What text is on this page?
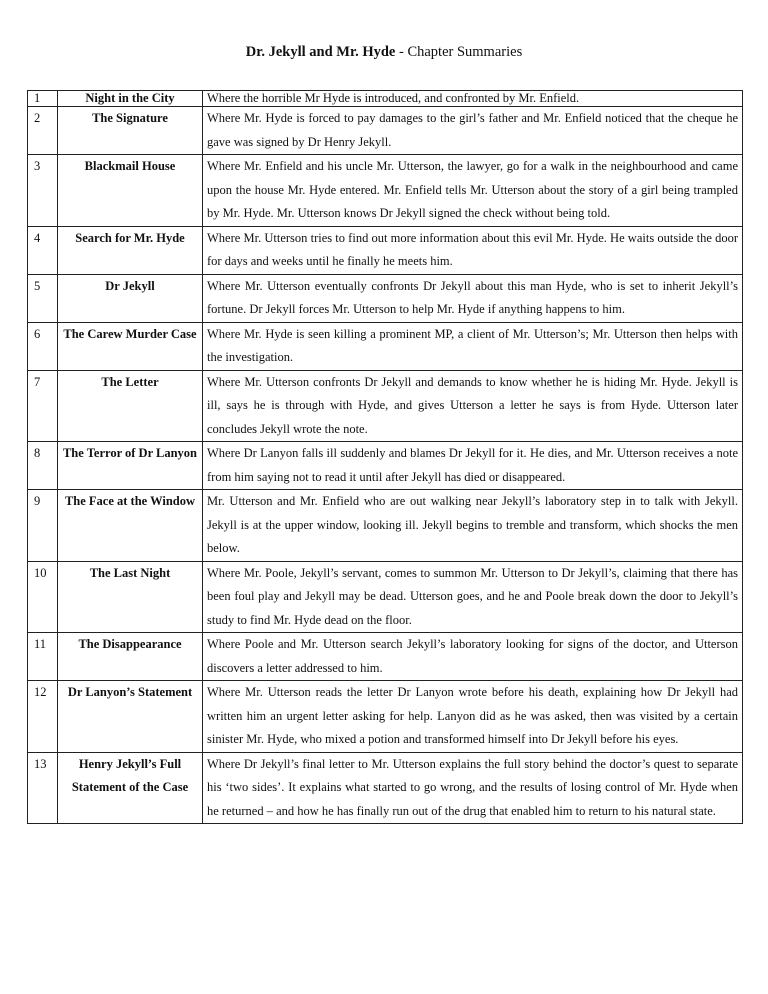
Dr. Jekyll and Mr. Hyde - Chapter Summaries
1	Night in the City	Where the horrible Mr Hyde is introduced, and confronted by Mr. Enfield.
2	The Signature	Where Mr. Hyde is forced to pay damages to the girl’s father and Mr. Enfield noticed that the cheque he gave was signed by Dr Henry Jekyll.
3	Blackmail House	Where Mr. Enfield and his uncle Mr. Utterson, the lawyer, go for a walk in the neighbourhood and came upon the house Mr. Hyde entered. Mr. Enfield tells Mr. Utterson about the story of a girl being trampled by Mr. Hyde. Mr. Utterson knows Dr Jekyll signed the check without being told.
4	Search for Mr. Hyde	Where Mr. Utterson tries to find out more information about this evil Mr. Hyde. He waits outside the door for days and weeks until he finally he meets him.
5	Dr Jekyll	Where Mr. Utterson eventually confronts Dr Jekyll about this man Hyde, who is set to inherit Jekyll’s fortune. Dr Jekyll forces Mr. Utterson to help Mr. Hyde if anything happens to him.
6	The Carew Murder Case	Where Mr. Hyde is seen killing a prominent MP, a client of Mr. Utterson’s; Mr. Utterson then helps with the investigation.
7	The Letter	Where Mr. Utterson confronts Dr Jekyll and demands to know whether he is hiding Mr. Hyde. Jekyll is ill, says he is through with Hyde, and gives Utterson a letter he says is from Hyde. Utterson later concludes Jekyll wrote the note.
8	The Terror of Dr Lanyon	Where Dr Lanyon falls ill suddenly and blames Dr Jekyll for it. He dies, and Mr. Utterson receives a note from him saying not to read it until after Jekyll has died or disappeared.
9	The Face at the Window	Mr. Utterson and Mr. Enfield who are out walking near Jekyll’s laboratory step in to talk with Jekyll. Jekyll is at the upper window, looking ill. Jekyll begins to tremble and transform, which shocks the men below.
10	The Last Night	Where Mr. Poole, Jekyll’s servant, comes to summon Mr. Utterson to Dr Jekyll’s, claiming that there has been foul play and Jekyll may be dead. Utterson goes, and he and Poole break down the door to Jekyll’s study to find Mr. Hyde dead on the floor.
11	The Disappearance	Where Poole and Mr. Utterson search Jekyll’s laboratory looking for signs of the doctor, and Utterson discovers a letter addressed to him.
12	Dr Lanyon’s Statement	Where Mr. Utterson reads the letter Dr Lanyon wrote before his death, explaining how Dr Jekyll had written him an urgent letter asking for help. Lanyon did as he was asked, then was visited by a certain sinister Mr. Hyde, who mixed a potion and transformed himself into Dr Jekyll before his eyes.
13	Henry Jekyll’s Full Statement of the Case	Where Dr Jekyll’s final letter to Mr. Utterson explains the full story behind the doctor’s quest to separate his ‘two sides’. It explains what started to go wrong, and the results of losing control of Mr. Hyde when he returned – and how he has finally run out of the drug that enabled him to return to his natural state.
